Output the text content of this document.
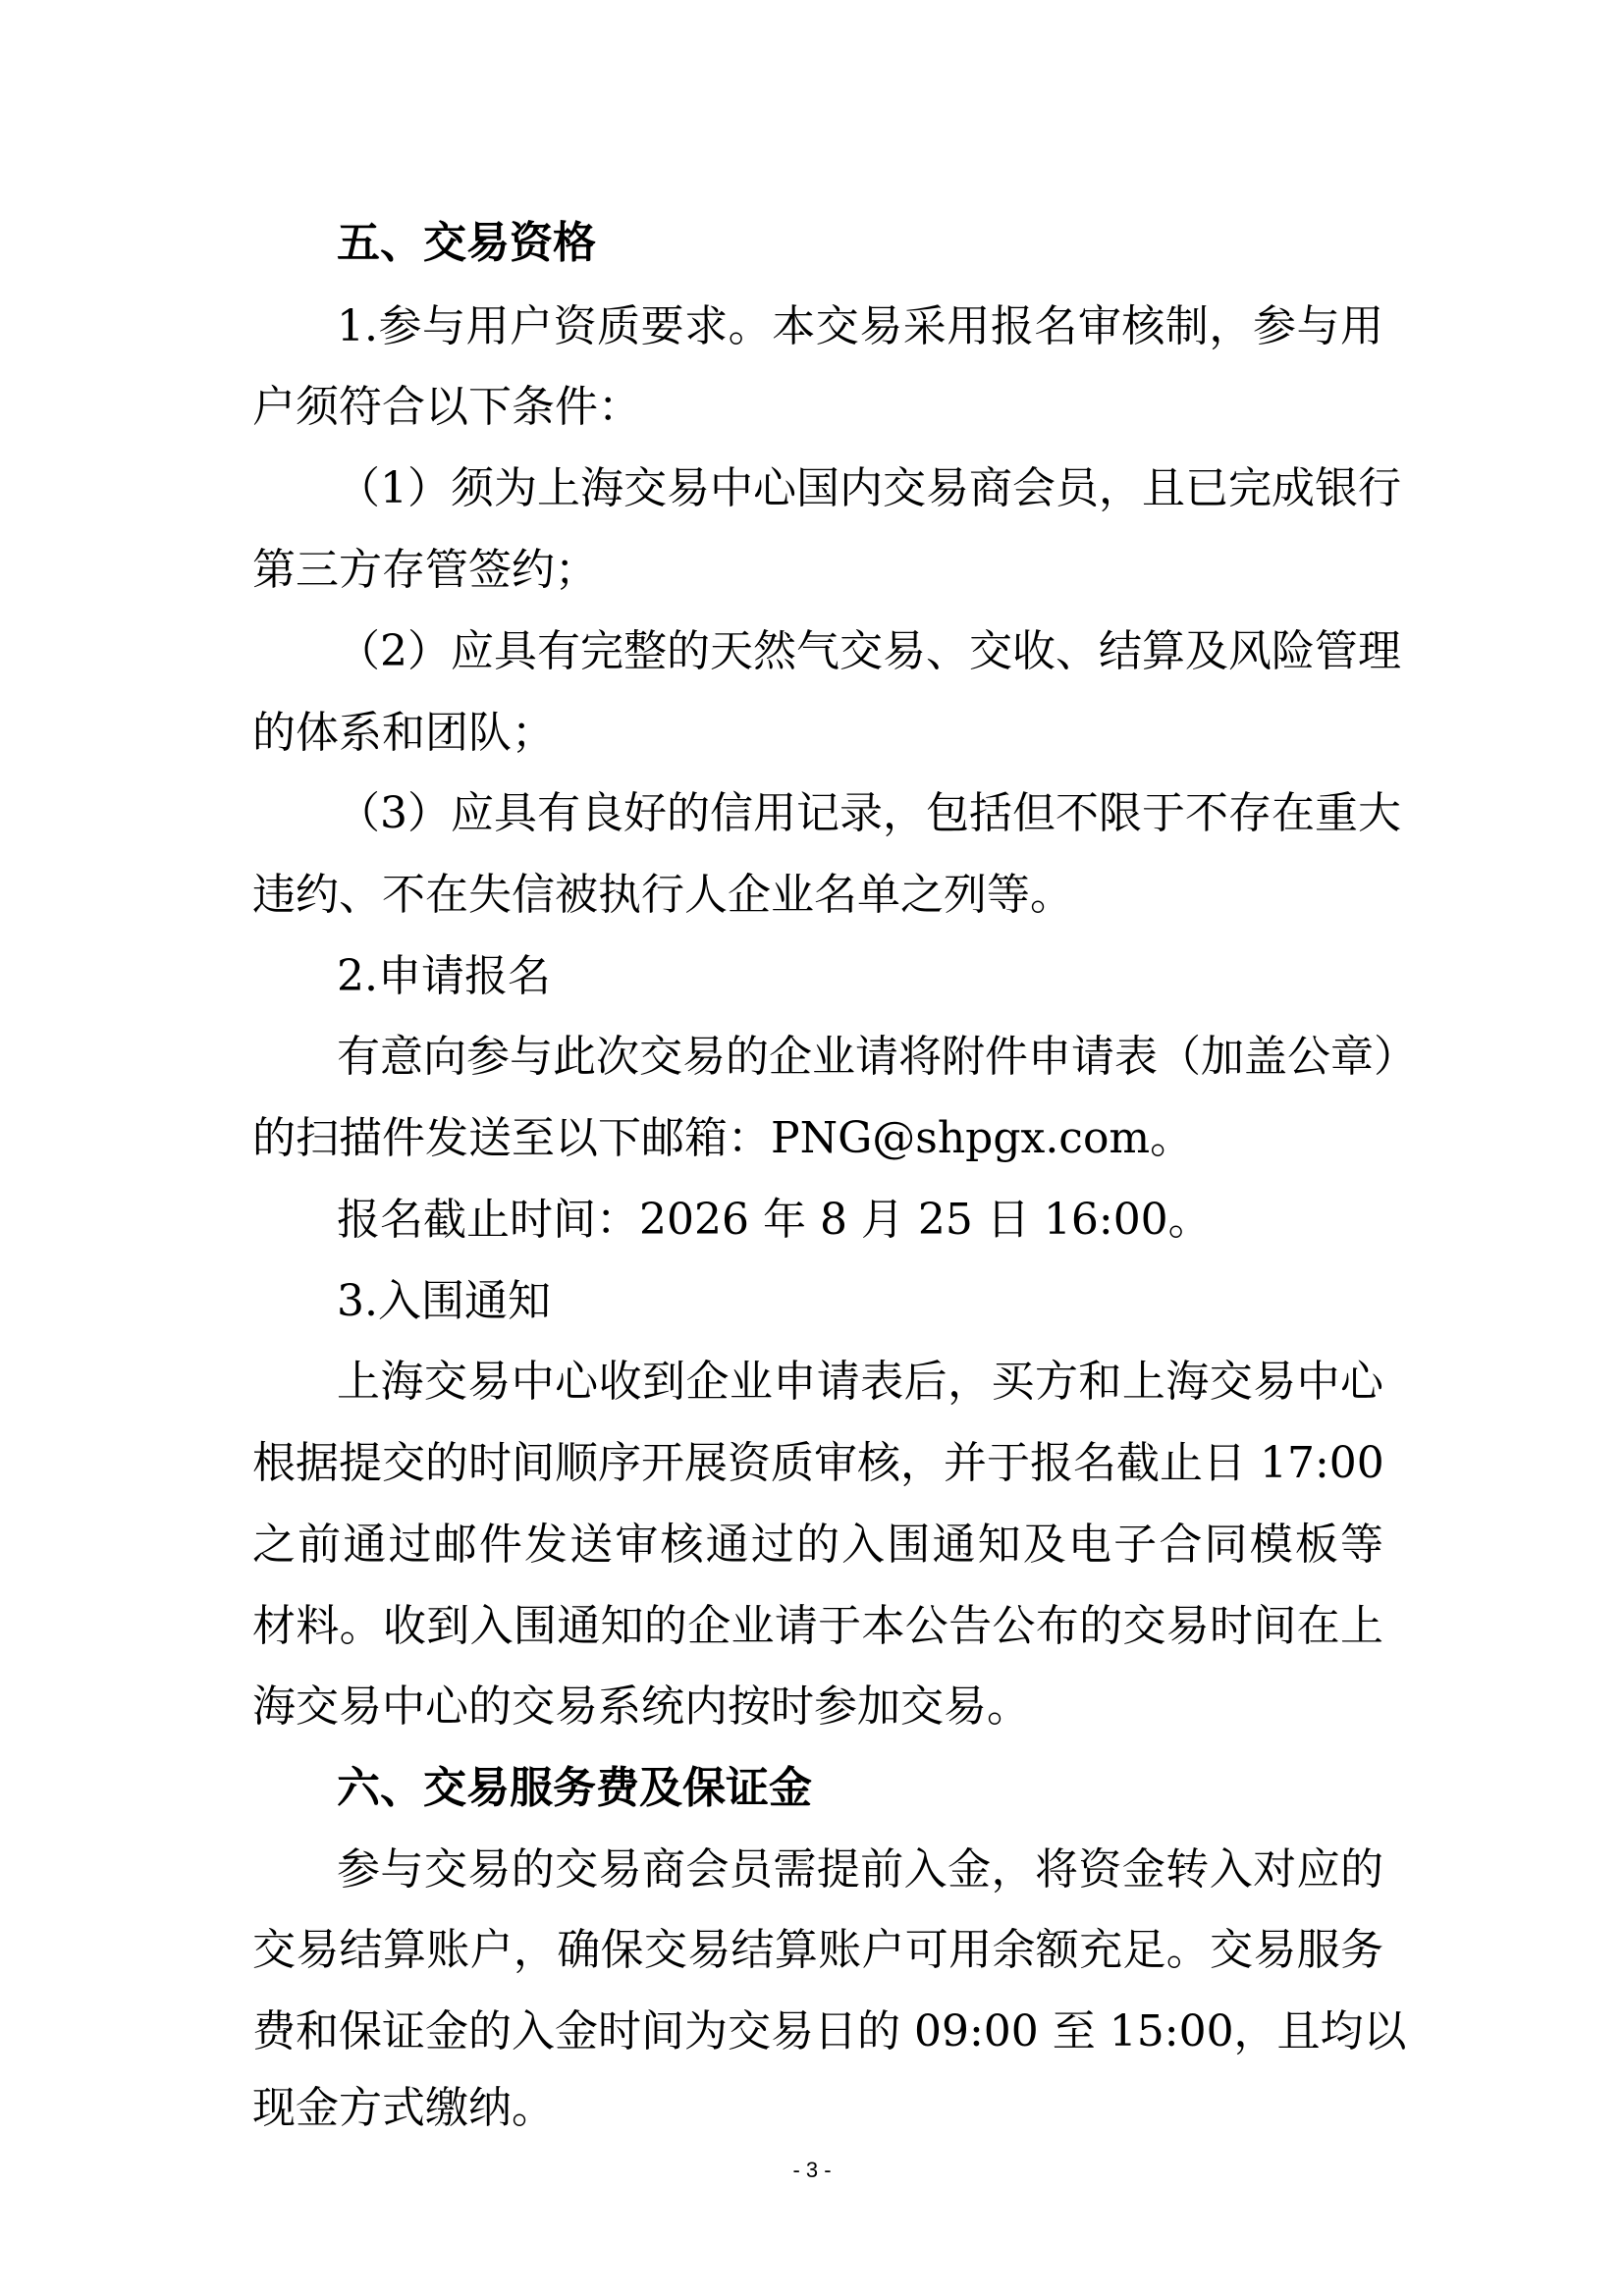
五、交易资格
1.参与用户资质要求。本交易采用报名审核制，参与用
户须符合以下条件：
（1）须为上海交易中心国内交易商会员，且已完成银行
第三方存管签约；
（2）应具有完整的天然气交易、交收、结算及风险管理
的体系和团队；
（3）应具有良好的信用记录，包括但不限于不存在重大
违约、不在失信被执行人企业名单之列等。
2.申请报名
有意向参与此次交易的企业请将附件申请表（加盖公章）
的扫描件发送至以下邮箱：PNG@shpgx.com。
报名截止时间：2026 年 8 月 25 日 16:00。
3.入围通知
上海交易中心收到企业申请表后，买方和上海交易中心
根据提交的时间顺序开展资质审核，并于报名截止日 17:00
之前通过邮件发送审核通过的入围通知及电子合同模板等
材料。收到入围通知的企业请于本公告公布的交易时间在上
海交易中心的交易系统内按时参加交易。
六、交易服务费及保证金
参与交易的交易商会员需提前入金，将资金转入对应的
交易结算账户，确保交易结算账户可用余额充足。交易服务
费和保证金的入金时间为交易日的 09:00 至 15:00，且均以
现金方式缴纳。
- 3 -
